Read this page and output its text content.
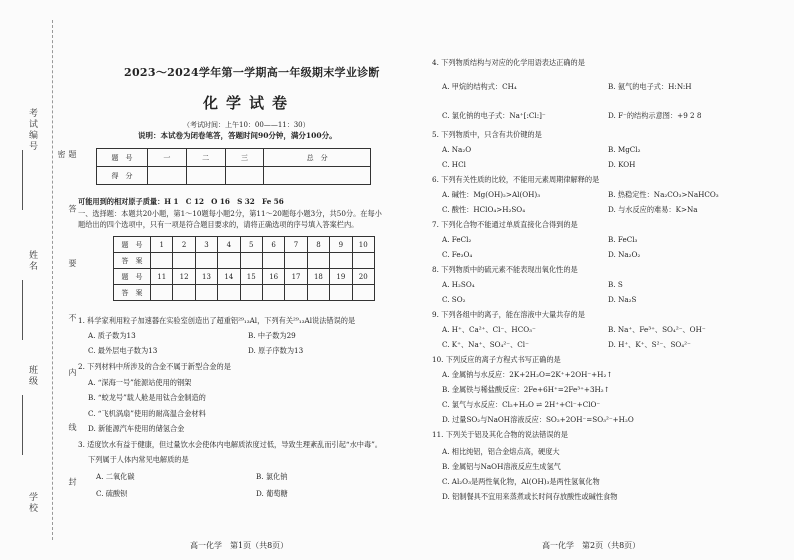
考试编号
姓名
班级
学校	题 答 要 不 内 线 封 密
2023～2024学年第一学期高一年级期末学业诊断
化学试卷
（考试时间：上午10：00——11：30）
说明：本试卷为闭卷笔答，答题时间90分钟，满分100分。
题　号	一	二	三	总　分
得　分				
可能用到的相对原子质量：H 1　C 12　O 16　S 32　Fe 56
一、选择题：本题共20小题，第1～10题每小题2分，第11～20题每小题3分，共50分。在每小
题给出的四个选项中，只有一项是符合题目要求的，请将正确选项的序号填入答案栏内。
题　号	1	2	3	4	5	6	7	8	9	10
答　案										
题　号	11	12	13	14	15	16	17	18	19	20
答　案										
1. 科学家利用粒子加速器在实验室创造出了超重铝²⁹₁₃Al，下列有关²⁹₁₃Al说法错误的是
A. 质子数为13	B. 中子数为29
C. 最外层电子数为13	D. 原子序数为13
2. 下列材料中所涉及的合金不属于新型合金的是
A. “深海一号”能源站使用的钢架
B. “蛟龙号”载人舱是用钛合金制造的
C. “飞机涡扇”使用的耐高温合金材料
D. 新能源汽车使用的储氢合金
3. 适度饮水有益于健康，但过量饮水会使体内电解质浓度过低，导致生理紊乱而引起“水中毒”。
下列属于人体内常见电解质的是
A. 二氧化碳	B. 氯化钠
C. 硫酸钡	D. 葡萄糖
高一化学　第1页（共8页）
4. 下列物质结构与对应的化学用语表达正确的是
A. 甲烷的结构式：CH₄	B. 氨气的电子式：H:N:H
C. 氯化钠的电子式：Na⁺[:Cl:]⁻	D. F⁻的结构示意图：+9 2 8
5. 下列物质中，只含有共价键的是
A. Na₂O	B. MgCl₂
C. HCl	D. KOH
6. 下列有关性质的比较，不能用元素周期律解释的是
A. 碱性：Mg(OH)₂>Al(OH)₃	B. 热稳定性：Na₂CO₃>NaHCO₃
C. 酸性：HClO₄>H₂SO₄	D. 与水反应的难易：K>Na
7. 下列化合物不能通过单质直接化合得到的是
A. FeCl₂	B. FeCl₃
C. Fe₃O₄	D. Na₂O₂
8. 下列物质中的硫元素不能表现出氧化性的是
A. H₂SO₄	B. S
C. SO₂	D. Na₂S
9. 下列各组中的离子，能在溶液中大量共存的是
A. H⁺、Ca²⁺、Cl⁻、HCO₃⁻	B. Na⁺、Fe³⁺、SO₄²⁻、OH⁻
C. K⁺、Na⁺、SO₄²⁻、Cl⁻	D. H⁺、K⁺、S²⁻、SO₄²⁻
10. 下列反应的离子方程式书写正确的是
A. 金属钠与水反应：2K+2H₂O=2K⁺+2OH⁻+H₂↑
B. 金属铁与稀盐酸反应：2Fe+6H⁺=2Fe³⁺+3H₂↑
C. 氯气与水反应：Cl₂+H₂O ⇌ 2H⁺+Cl⁻+ClO⁻
D. 过量SO₂与NaOH溶液反应：SO₂+2OH⁻=SO₃²⁻+H₂O
11. 下列关于铝及其化合物的说法错误的是
A. 相比纯铝，铝合金熔点高，硬度大
B. 金属铝与NaOH溶液反应生成氢气
C. Al₂O₃是两性氧化物，Al(OH)₃是两性氢氧化物
D. 铝制餐具不宜用来蒸煮或长时间存放酸性或碱性食物
高一化学　第2页（共8页）
